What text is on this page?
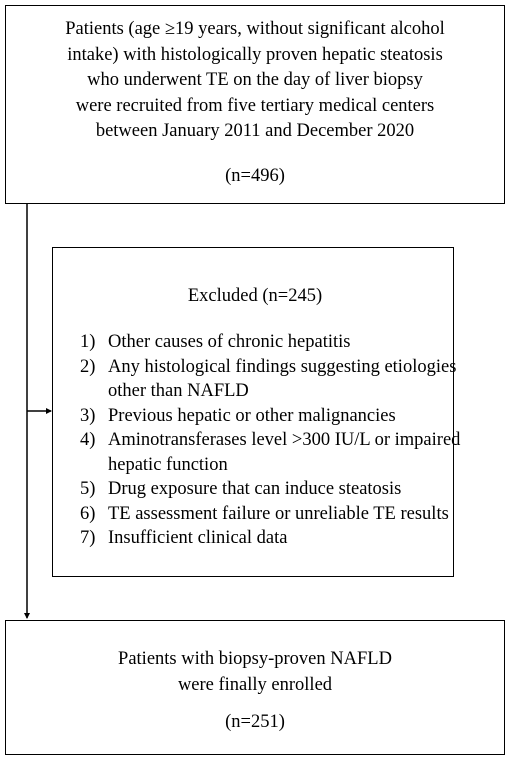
Patients (age ≥19 years, without significant alcohol
intake) with histologically proven hepatic steatosis
who underwent TE on the day of liver biopsy
were recruited from five tertiary medical centers
between January 2011 and December 2020
(n=496)
Excluded (n=245)
1) Other causes of chronic hepatitis
2) Any histological findings suggesting etiologies
other than NAFLD
3) Previous hepatic or other malignancies
4) Aminotransferases level >300 IU/L or impaired
hepatic function
5) Drug exposure that can induce steatosis
6) TE assessment failure or unreliable TE results
7) Insufficient clinical data
Patients with biopsy-proven NAFLD
were finally enrolled
(n=251)
